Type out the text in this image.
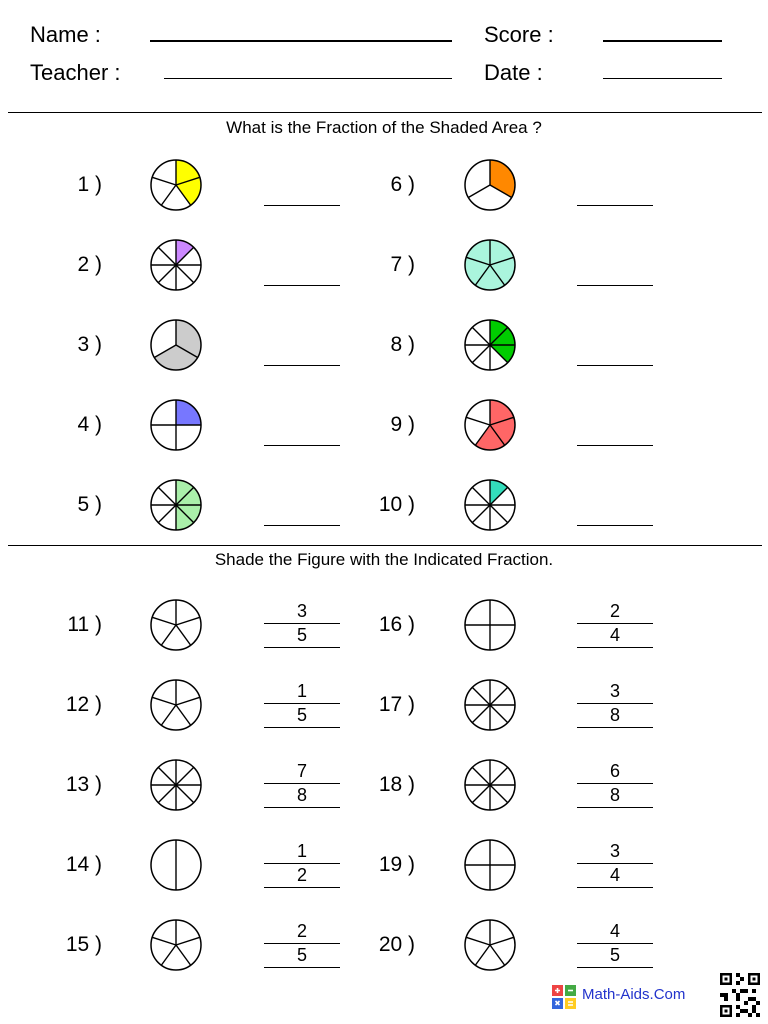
Name :
Teacher :
Score :
Date :
What is the Fraction of the Shaded Area ?
1 )
2 )
3 )
4 )
5 )
6 )
7 )
8 )
9 )
10 )
Shade the Figure with the Indicated Fraction.
11 )
3
5
12 )
1
5
13 )
7
8
14 )
1
2
15 )
2
5
16 )
2
4
17 )
3
8
18 )
6
8
19 )
3
4
20 )
4
5
Math-Aids.Com
